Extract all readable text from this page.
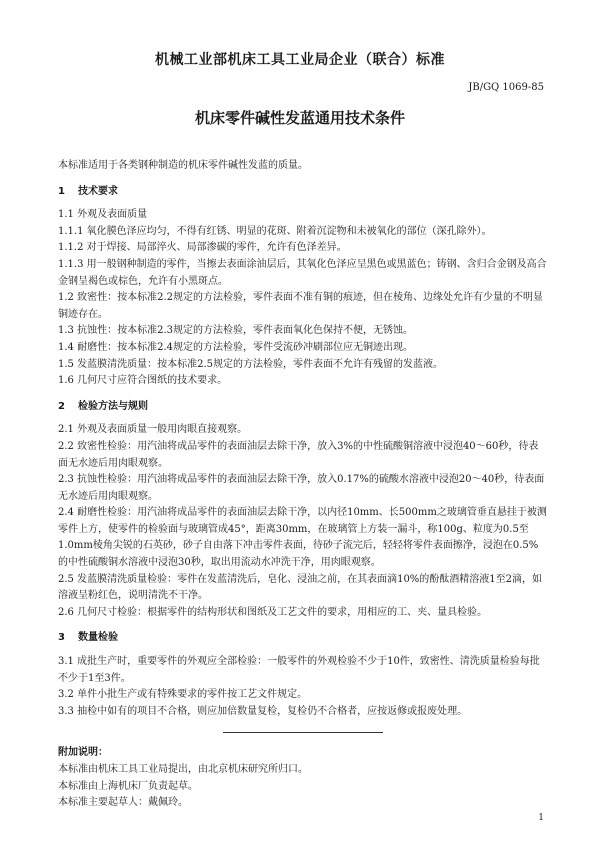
机械工业部机床工具工业局企业（联合）标准
JB/GQ 1069-85
机床零件碱性发蓝通用技术条件

本标准适用于各类钢种制造的机床零件碱性发蓝的质量。

1 技术要求

1.1 外观及表面质量

1.1.1 氧化膜色泽应均匀，不得有红锈、明显的花斑、附着沉淀物和未被氧化的部位（深孔除外）。

1.1.2 对于焊接、局部淬火、局部渗碳的零件，允许有色泽差异。

1.1.3 用一般钢种制造的零件，当擦去表面涂油层后，其氧化色泽应呈黑色或黑蓝色；铸钢、含归合金钢及高合金钢呈褐色或棕色，允许有小黑斑点。

1.2 致密性：按本标准2.2规定的方法检验，零件表面不准有铜的痕迹，但在棱角、边缘处允许有少量的不明显铜迹存在。

1.3 抗蚀性：按本标准2.3规定的方法检验，零件表面氧化色保持不便，无锈蚀。

1.4 耐磨性：按本标准2.4规定的方法检验，零件受流砂冲刷部位应无铜迹出现。

1.5 发蓝膜清洗质量：按本标准2.5规定的方法检验，零件表面不允许有残留的发蓝液。

1.6 几何尺寸应符合图纸的技术要求。

2 检验方法与规则

2.1 外观及表面质量一般用肉眼直接观察。

2.2 致密性检验：用汽油将成品零件的表面油层去除干净，放入3%的中性硫酸铜溶液中浸泡40～60秒，待表面无水迹后用肉眼观察。

2.3 抗蚀性检验：用汽油将成品零件的表面油层去除干净，放入0.17%的硫酸水溶液中浸泡20～40秒，待表面无水迹后用肉眼观察。

2.4 耐磨性检验：用汽油将成品零件的表面油层去除干净，以内径10mm、长500mm之玻璃管垂直悬挂于被测零件上方，使零件的检验面与玻璃管成45°，距离30mm，在玻璃管上方装一漏斗，称100g、粒度为0.5至1.0mm棱角尖锐的石英砂，砂子自由落下冲击零件表面，待砂子流完后，轻轻将零件表面擦净，浸泡在0.5%的中性硫酸铜水溶液中浸泡30秒，取出用流动水冲洗干净，用肉眼观察。

2.5 发蓝膜清洗质量检验：零件在发蓝清洗后，皂化、浸油之前，在其表面滴10%的酚酞酒精溶液1至2滴，如溶液呈粉红色，说明清洗不干净。

2.6 几何尺寸检验：根据零件的结构形状和图纸及工艺文件的要求，用相应的工、夹、量具检验。

3 数量检验

3.1 成批生产时，重要零件的外观应全部检验：一般零件的外观检验不少于10件，致密性、清洗质量检验每批不少于1至3件。

3.2 单件小批生产或有特殊要求的零件按工艺文件规定。

3.3 抽检中如有的项目不合格，则应加倍数量复检，复检仍不合格者，应按返修或报废处理。

附加说明：

本标准由机床工具工业局提出，由北京机床研究所归口。

本标准由上海机床厂负责起草。

本标准主要起草人：戴佩玲。

1
